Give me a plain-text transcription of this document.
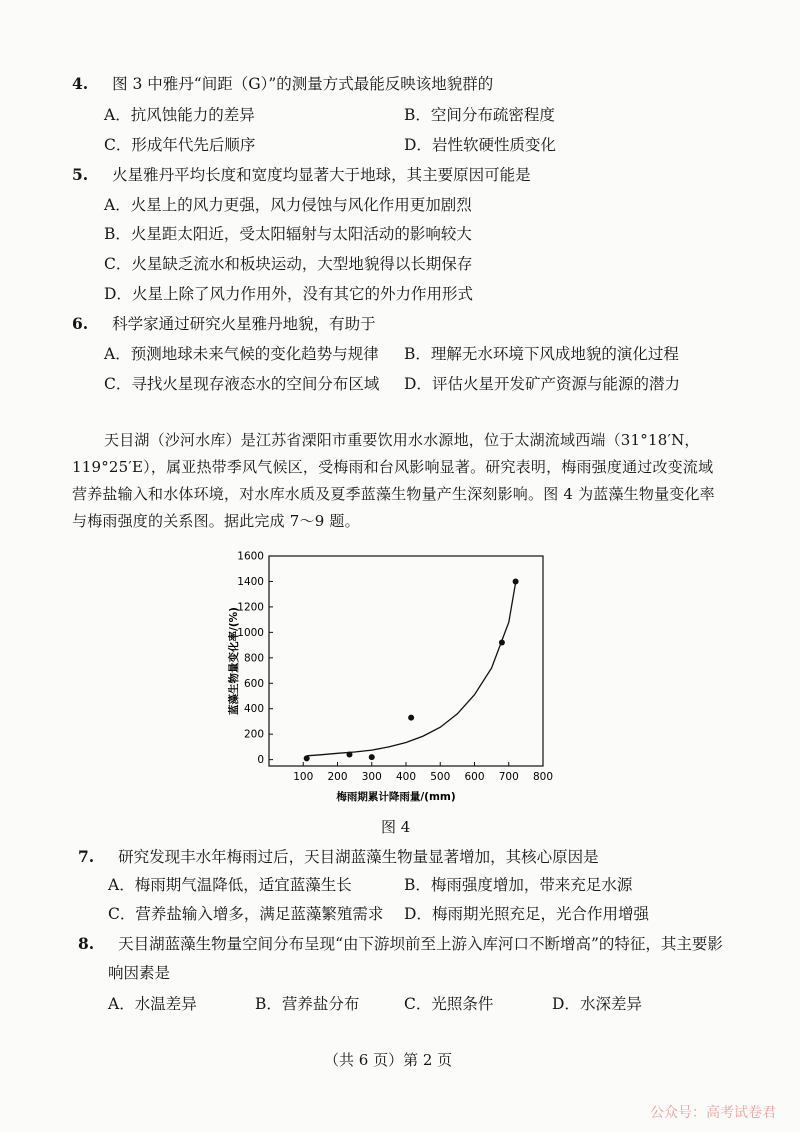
4. 图 3 中雅丹“间距（G）”的测量方式最能反映该地貌群的
A．抗风蚀能力的差异	B．空间分布疏密程度
C．形成年代先后顺序	D．岩性软硬性质变化
5. 火星雅丹平均长度和宽度均显著大于地球，其主要原因可能是
A．火星上的风力更强，风力侵蚀与风化作用更加剧烈
B．火星距太阳近，受太阳辐射与太阳活动的影响较大
C．火星缺乏流水和板块运动，大型地貌得以长期保存
D．火星上除了风力作用外，没有其它的外力作用形式
6. 科学家通过研究火星雅丹地貌，有助于
A．预测地球未来气候的变化趋势与规律 B．理解无水环境下风成地貌的演化过程
C．寻找火星现存液态水的空间分布区域 D．评估火星开发矿产资源与能源的潜力

天目湖（沙河水库）是江苏省溧阳市重要饮用水水源地，位于太湖流域西端（31°18′N，

119°25′E），属亚热带季风气候区，受梅雨和台风影响显著。研究表明，梅雨强度通过改变流域

营养盐输入和水体环境，对水库水质及夏季蓝藻生物量产生深刻影响。图 4 为蓝藻生物量变化率

与梅雨强度的关系图。据此完成 7～9 题。

0
200
400
600
800
1000
1200
1400
1600
100 200 300 400 500 600 700 800
蓝藻生物量变化率/(%)
梅雨期累计降雨量/(mm)
图 4
7. 研究发现丰水年梅雨过后，天目湖蓝藻生物量显著增加，其核心原因是
A．梅雨期气温降低，适宜蓝藻生长	B．梅雨强度增加，带来充足水源
C．营养盐输入增多，满足蓝藻繁殖需求 D．梅雨期光照充足，光合作用增强
8. 天目湖蓝藻生物量空间分布呈现“由下游坝前至上游入库河口不断增高”的特征，其主要影
响因素是
A．水温差异	B．营养盐分布	C．光照条件	D．水深差异
（共 6 页）第 2 页
公众号：高考试卷君
